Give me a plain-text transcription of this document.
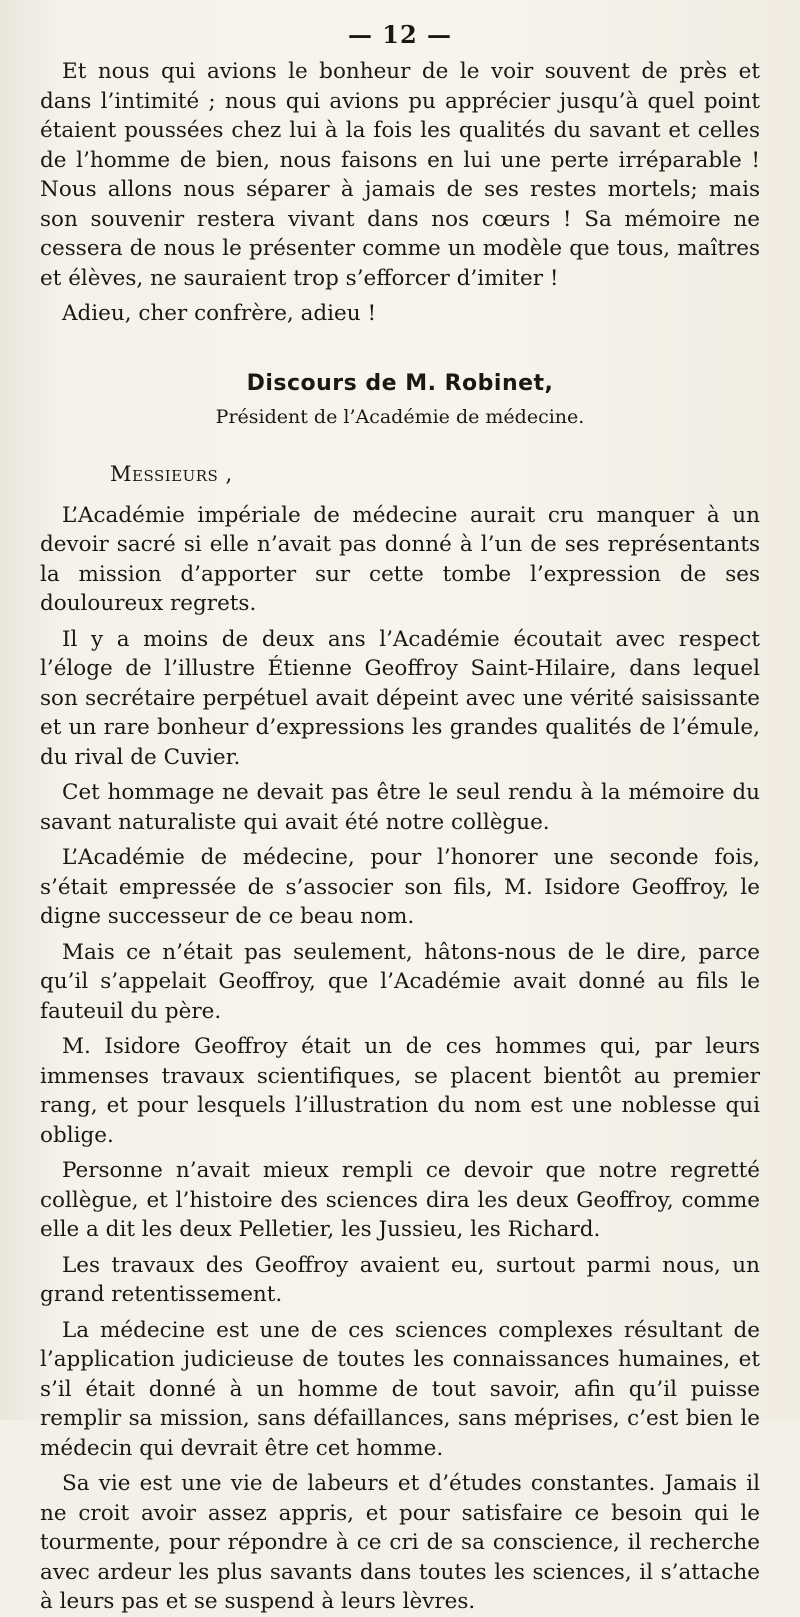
— 12 —

Et nous qui avions le bonheur de le voir souvent de près et dans l’intimité ; nous qui avions pu apprécier jusqu’à quel point étaient poussées chez lui à la fois les qualités du savant et celles de l’homme de bien, nous faisons en lui une perte irréparable ! Nous allons nous séparer à jamais de ses restes mortels; mais son souvenir restera vivant dans nos cœurs ! Sa mémoire ne cessera de nous le présenter comme un modèle que tous, maîtres et élèves, ne sauraient trop s’efforcer d’imiter !

Adieu, cher confrère, adieu !

Discours de M. Robinet,
Président de l’Académie de médecine.
Messieurs ,

L’Académie impériale de médecine aurait cru manquer à un devoir sacré si elle n’avait pas donné à l’un de ses représentants la mission d’apporter sur cette tombe l’expression de ses douloureux regrets.

Il y a moins de deux ans l’Académie écoutait avec respect l’éloge de l’illustre Étienne Geoffroy Saint-Hilaire, dans lequel son secrétaire perpétuel avait dépeint avec une vérité saisissante et un rare bonheur d’expressions les grandes qualités de l’émule, du rival de Cuvier.

Cet hommage ne devait pas être le seul rendu à la mémoire du savant naturaliste qui avait été notre collègue.

L’Académie de médecine, pour l’honorer une seconde fois, s’était empressée de s’associer son fils, M. Isidore Geoffroy, le digne successeur de ce beau nom.

Mais ce n’était pas seulement, hâtons-nous de le dire, parce qu’il s’appelait Geoffroy, que l’Académie avait donné au fils le fauteuil du père.

M. Isidore Geoffroy était un de ces hommes qui, par leurs immenses travaux scientifiques, se placent bientôt au premier rang, et pour lesquels l’illustration du nom est une noblesse qui oblige.

Personne n’avait mieux rempli ce devoir que notre regretté collègue, et l’histoire des sciences dira les deux Geoffroy, comme elle a dit les deux Pelletier, les Jussieu, les Richard.

Les travaux des Geoffroy avaient eu, surtout parmi nous, un grand retentissement.

La médecine est une de ces sciences complexes résultant de l’application judicieuse de toutes les connaissances humaines, et s’il était donné à un homme de tout savoir, afin qu’il puisse remplir sa mission, sans défaillances, sans méprises, c’est bien le médecin qui devrait être cet homme.

Sa vie est une vie de labeurs et d’études constantes. Jamais il ne croit avoir assez appris, et pour satisfaire ce besoin qui le tourmente, pour répondre à ce cri de sa conscience, il recherche avec ardeur les plus savants dans toutes les sciences, il s’attache à leurs pas et se suspend à leurs lèvres.
